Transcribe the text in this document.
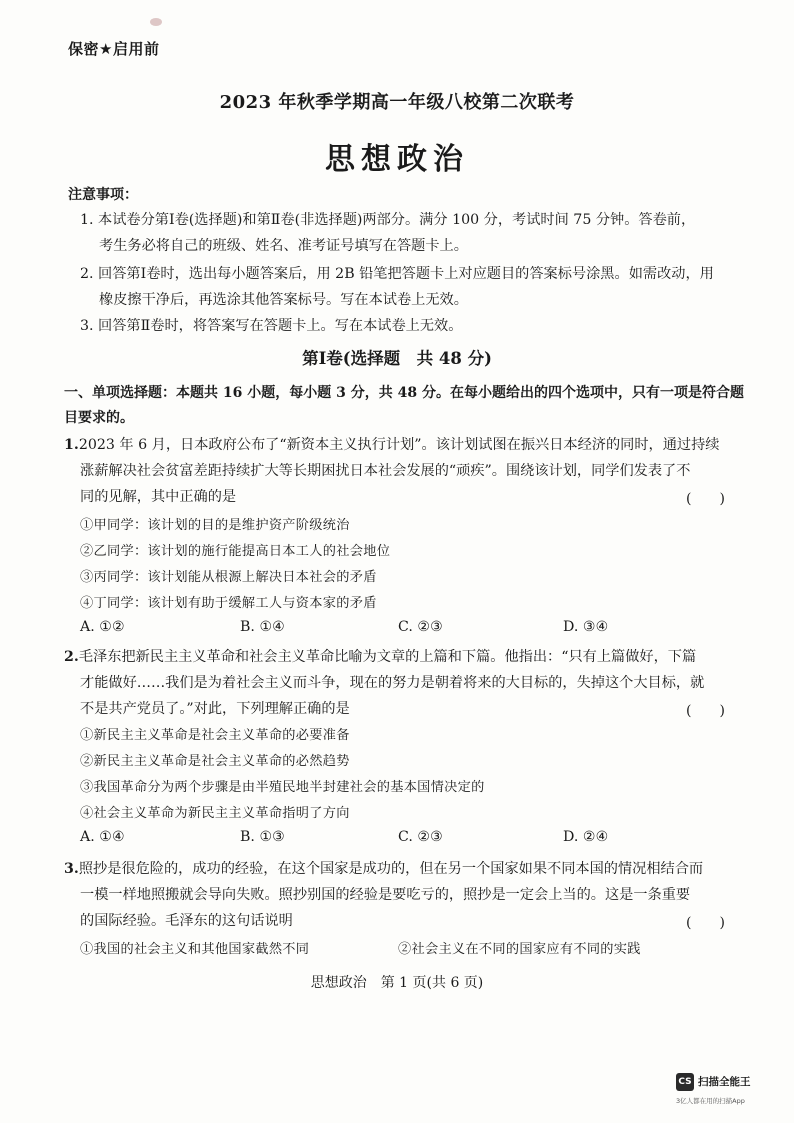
保密★启用前
2023 年秋季学期高一年级八校第二次联考
思想政治
注意事项：
1. 本试卷分第Ⅰ卷(选择题)和第Ⅱ卷(非选择题)两部分。满分 100 分，考试时间 75 分钟。答卷前，
考生务必将自己的班级、姓名、准考证号填写在答题卡上。
2. 回答第Ⅰ卷时，选出每小题答案后，用 2B 铅笔把答题卡上对应题目的答案标号涂黑。如需改动，用
橡皮擦干净后，再选涂其他答案标号。写在本试卷上无效。
3. 回答第Ⅱ卷时，将答案写在答题卡上。写在本试卷上无效。
第Ⅰ卷(选择题　共 48 分)
一、单项选择题：本题共 16 小题，每小题 3 分，共 48 分。在每小题给出的四个选项中，只有一项是符合题
目要求的。
1.2023 年 6 月，日本政府公布了“新资本主义执行计划”。该计划试图在振兴日本经济的同时，通过持续
涨薪解决社会贫富差距持续扩大等长期困扰日本社会发展的“顽疾”。围绕该计划，同学们发表了不
同的见解，其中正确的是	(　　)
①甲同学：该计划的目的是维护资产阶级统治
②乙同学：该计划的施行能提高日本工人的社会地位
③丙同学：该计划能从根源上解决日本社会的矛盾
④丁同学：该计划有助于缓解工人与资本家的矛盾
A. ①②	B. ①④	C. ②③	D. ③④
2.毛泽东把新民主主义革命和社会主义革命比喻为文章的上篇和下篇。他指出：“只有上篇做好，下篇
才能做好……我们是为着社会主义而斗争，现在的努力是朝着将来的大目标的，失掉这个大目标，就
不是共产党员了。”对此，下列理解正确的是	(　　)
①新民主主义革命是社会主义革命的必要准备
②新民主主义革命是社会主义革命的必然趋势
③我国革命分为两个步骤是由半殖民地半封建社会的基本国情决定的
④社会主义革命为新民主主义革命指明了方向
A. ①④	B. ①③	C. ②③	D. ②④
3.照抄是很危险的，成功的经验，在这个国家是成功的，但在另一个国家如果不同本国的情况相结合而
一模一样地照搬就会导向失败。照抄别国的经验是要吃亏的，照抄是一定会上当的。这是一条重要
的国际经验。毛泽东的这句话说明	(　　)
①我国的社会主义和其他国家截然不同	②社会主义在不同的国家应有不同的实践
思想政治　第 1 页(共 6 页)
CS 扫描全能王
3亿人都在用的扫描App
